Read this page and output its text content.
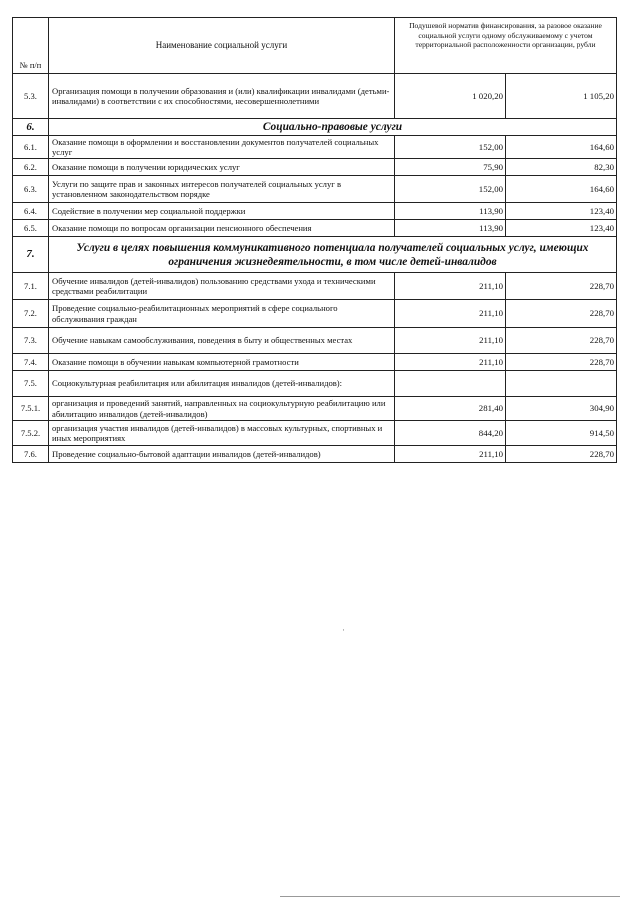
№ п/п	Наименование социальной услуги	Подушевой норматив финансирования, за разовое оказание социальной услуги одному обслуживаемому с учетом территориальной расположенности организации, рубли	
5.3.	Организация помощи в получении образования и (или) квалификации инвалидами (детьми-инвалидами) в соответствии с их способностями, несовершеннолетними	1 020,20	1 105,20
6.	Социально-правовые услуги		
6.1.	Оказание помощи в оформлении и восстановлении документов получателей социальных услуг	152,00	164,60
6.2.	Оказание помощи в получении юридических услуг	75,90	82,30
6.3.	Услуги по защите прав и законных интересов получателей социальных услуг в установленном законодательством порядке	152,00	164,60
6.4.	Содействие в получении мер социальной поддержки	113,90	123,40
6.5.	Оказание помощи по вопросам организации пенсионного обеспечения	113,90	123,40
7.	Услуги в целях повышения коммуникативного потенциала получателей социальных услуг, имеющих ограничения жизнедеятельности, в том числе детей-инвалидов		
7.1.	Обучение инвалидов (детей-инвалидов) пользованию средствами ухода и техническими средствами реабилитации	211,10	228,70
7.2.	Проведение социально-реабилитационных мероприятий в сфере социального обслуживания граждан	211,10	228,70
7.3.	Обучение навыкам самообслуживания, поведения в быту и общественных местах	211,10	228,70
7.4.	Оказание помощи в обучении навыкам компьютерной грамотности	211,10	228,70
7.5.	Социокультурная реабилитация или абилитация инвалидов (детей-инвалидов):		
7.5.1.	организация и проведений занятий, направленных на социокультурную реабилитацию или абилитацию инвалидов (детей-инвалидов)	281,40	304,90
7.5.2.	организация участия инвалидов (детей-инвалидов) в массовых культурных, спортивных и иных мероприятиях	844,20	914,50
7.6.	Проведение социально-бытовой адаптации инвалидов (детей-инвалидов)	211,10	228,70
·
